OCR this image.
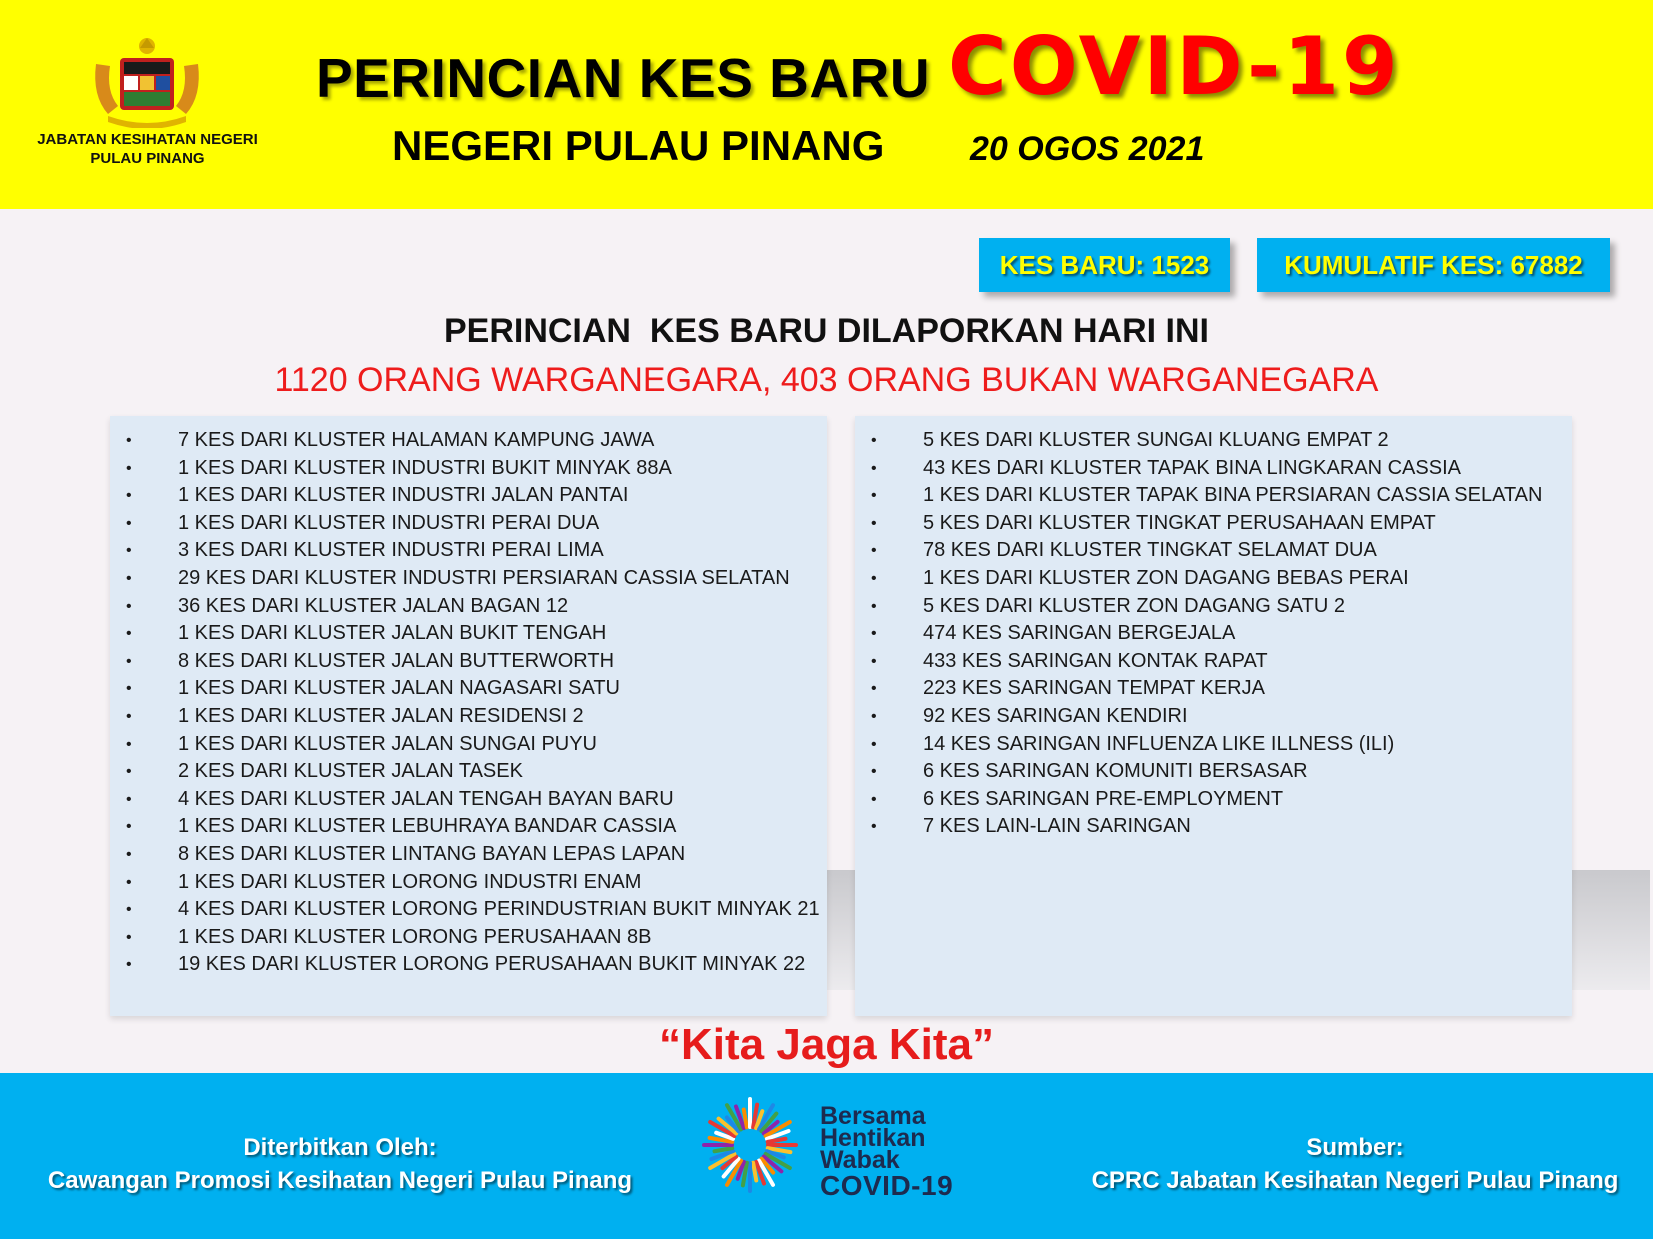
JABATAN KESIHATAN NEGERI PULAU PINANG
PERINCIAN KES BARU COVID-19
NEGERI PULAU PINANG	20 OGOS 2021
KES BARU: 1523	KUMULATIF KES: 67882
PERINCIAN  KES BARU DILAPORKAN HARI INI
1120 ORANG WARGANEGARA, 403 ORANG BUKAN WARGANEGARA
• 7 KES DARI KLUSTER HALAMAN KAMPUNG JAWA
• 1 KES DARI KLUSTER INDUSTRI BUKIT MINYAK 88A
• 1 KES DARI KLUSTER INDUSTRI JALAN PANTAI
• 1 KES DARI KLUSTER INDUSTRI PERAI DUA
• 3 KES DARI KLUSTER INDUSTRI PERAI LIMA
• 29 KES DARI KLUSTER INDUSTRI PERSIARAN CASSIA SELATAN
• 36 KES DARI KLUSTER JALAN BAGAN 12
• 1 KES DARI KLUSTER JALAN BUKIT TENGAH
• 8 KES DARI KLUSTER JALAN BUTTERWORTH
• 1 KES DARI KLUSTER JALAN NAGASARI SATU
• 1 KES DARI KLUSTER JALAN RESIDENSI 2
• 1 KES DARI KLUSTER JALAN SUNGAI PUYU
• 2 KES DARI KLUSTER JALAN TASEK
• 4 KES DARI KLUSTER JALAN TENGAH BAYAN BARU
• 1 KES DARI KLUSTER LEBUHRAYA BANDAR CASSIA
• 8 KES DARI KLUSTER LINTANG BAYAN LEPAS LAPAN
• 1 KES DARI KLUSTER LORONG INDUSTRI ENAM
• 4 KES DARI KLUSTER LORONG PERINDUSTRIAN BUKIT MINYAK 21
• 1 KES DARI KLUSTER LORONG PERUSAHAAN 8B
• 19 KES DARI KLUSTER LORONG PERUSAHAAN BUKIT MINYAK 22
• 5 KES DARI KLUSTER SUNGAI KLUANG EMPAT 2
• 43 KES DARI KLUSTER TAPAK BINA LINGKARAN CASSIA
• 1 KES DARI KLUSTER TAPAK BINA PERSIARAN CASSIA SELATAN
• 5 KES DARI KLUSTER TINGKAT PERUSAHAAN EMPAT
• 78 KES DARI KLUSTER TINGKAT SELAMAT DUA
• 1 KES DARI KLUSTER ZON DAGANG BEBAS PERAI
• 5 KES DARI KLUSTER ZON DAGANG SATU 2
• 474 KES SARINGAN BERGEJALA
• 433 KES SARINGAN KONTAK RAPAT
• 223 KES SARINGAN TEMPAT KERJA
• 92 KES SARINGAN KENDIRI
• 14 KES SARINGAN INFLUENZA LIKE ILLNESS (ILI)
• 6 KES SARINGAN KOMUNITI BERSASAR
• 6 KES SARINGAN PRE-EMPLOYMENT
• 7 KES LAIN-LAIN SARINGAN
“Kita Jaga Kita”
Diterbitkan Oleh:
Cawangan Promosi Kesihatan Negeri Pulau Pinang
Bersama
Hentikan
Wabak
COVID-19
Sumber:
CPRC Jabatan Kesihatan Negeri Pulau Pinang
